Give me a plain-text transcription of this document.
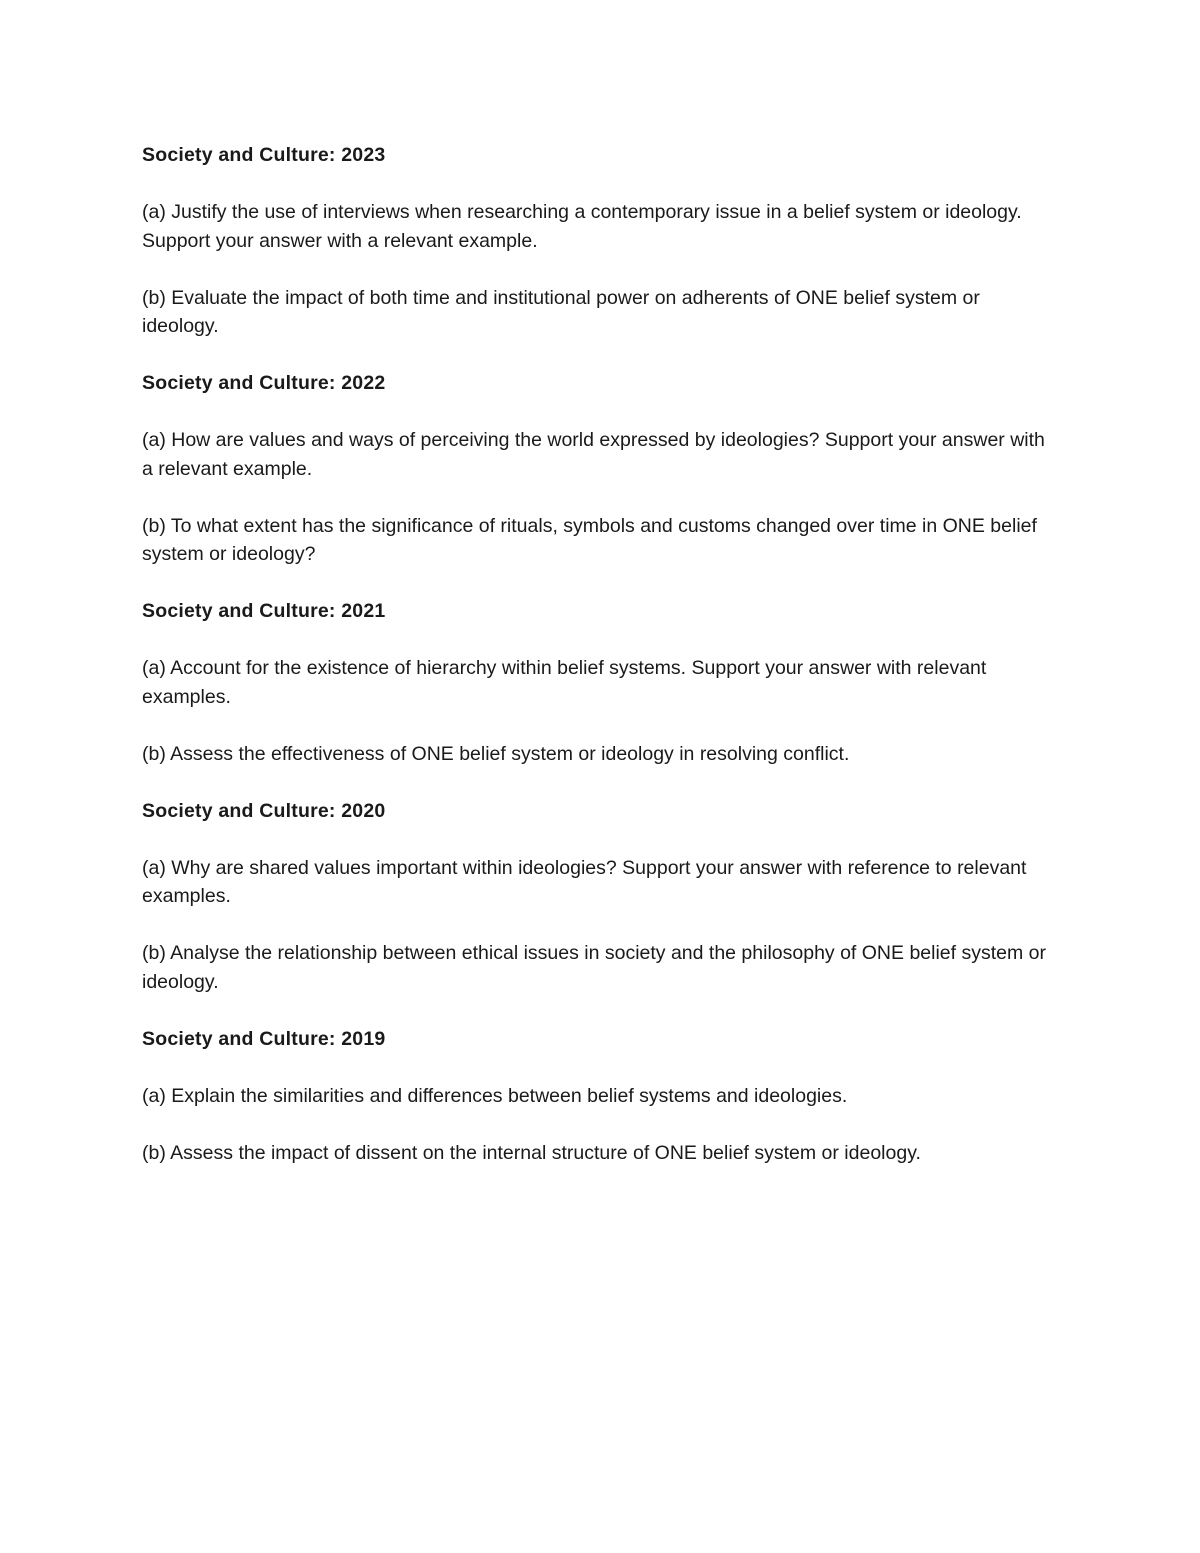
Society and Culture: 2023

(a) Justify the use of interviews when researching a contemporary issue in a belief system or ideology. Support your answer with a relevant example.

(b) Evaluate the impact of both time and institutional power on adherents of ONE belief system or ideology.

Society and Culture: 2022

(a) How are values and ways of perceiving the world expressed by ideologies? Support your answer with a relevant example.

(b) To what extent has the significance of rituals, symbols and customs changed over time in ONE belief system or ideology?

Society and Culture: 2021

(a) Account for the existence of hierarchy within belief systems. Support your answer with relevant examples.

(b) Assess the effectiveness of ONE belief system or ideology in resolving conflict.

Society and Culture: 2020

(a) Why are shared values important within ideologies? Support your answer with reference to relevant examples.

(b) Analyse the relationship between ethical issues in society and the philosophy of ONE belief system or ideology.

Society and Culture: 2019

(a) Explain the similarities and differences between belief systems and ideologies.

(b) Assess the impact of dissent on the internal structure of ONE belief system or ideology.
